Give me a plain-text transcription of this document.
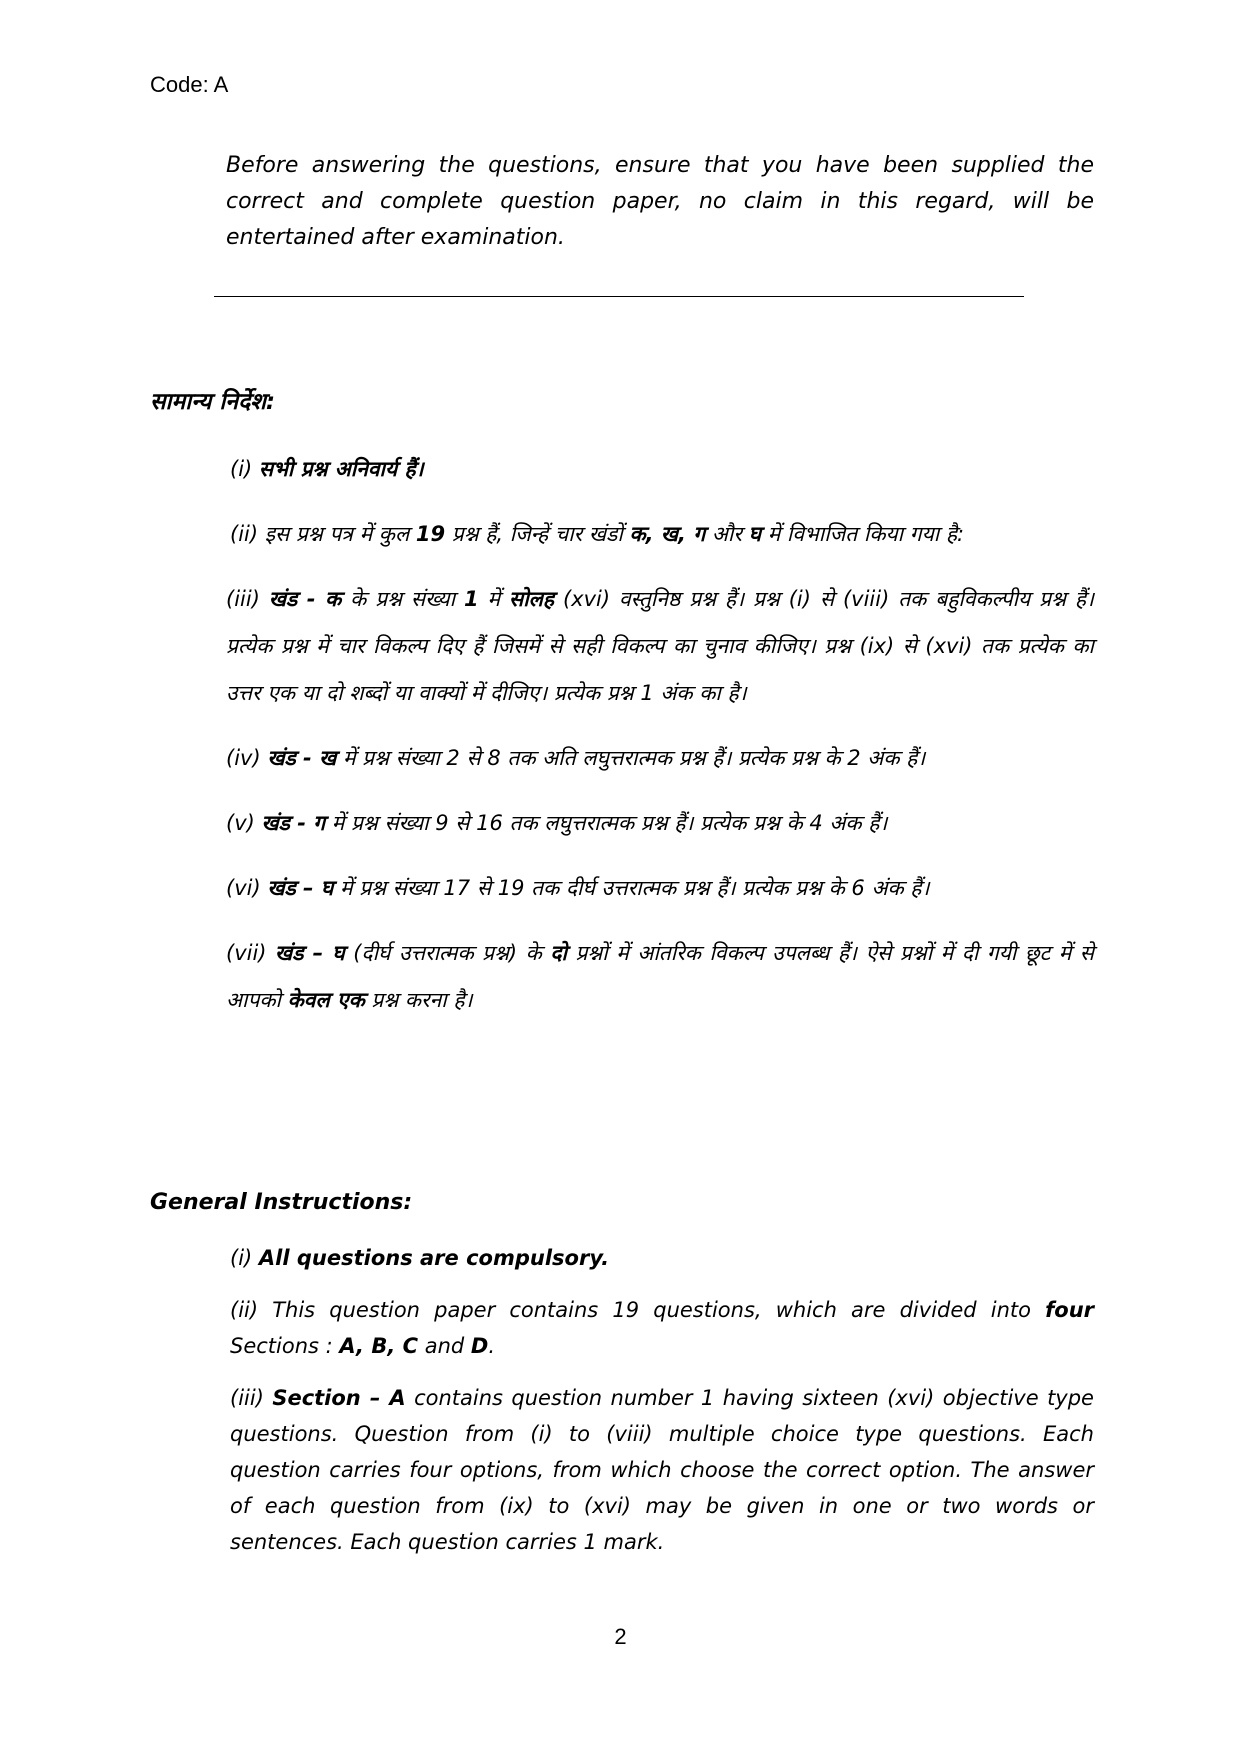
Code: A

Before answering the questions, ensure that you have been supplied the correct and complete question paper, no claim in this regard, will be entertained after examination.

सामान्य निर्देश:

(i) सभी प्रश्न अनिवार्य हैं।

(ii) इस प्रश्न पत्र में कुल 19 प्रश्न हैं, जिन्हें चार खंडों क, ख, ग और घ में विभाजित किया गया है:

(iii) खंड - क के प्रश्न संख्या 1 में सोलह (xvi) वस्तुनिष्ठ प्रश्न हैं। प्रश्न (i) से (viii) तक बहुविकल्पीय प्रश्न हैं। प्रत्येक प्रश्न में चार विकल्प दिए हैं जिसमें से सही विकल्प का चुनाव कीजिए। प्रश्न (ix) से (xvi) तक प्रत्येक का उत्तर एक या दो शब्दों या वाक्यों में दीजिए। प्रत्येक प्रश्न 1 अंक का है।

(iv) खंड - ख में प्रश्न संख्या 2 से 8 तक अति लघुत्तरात्मक प्रश्न हैं। प्रत्येक प्रश्न के 2 अंक हैं।

(v) खंड - ग में प्रश्न संख्या 9 से 16 तक लघुत्तरात्मक प्रश्न हैं। प्रत्येक प्रश्न के 4 अंक हैं।

(vi) खंड – घ में प्रश्न संख्या 17 से 19 तक दीर्घ उत्तरात्मक प्रश्न हैं। प्रत्येक प्रश्न के 6 अंक हैं।

(vii) खंड – घ (दीर्घ उत्तरात्मक प्रश्न) के दो प्रश्नों में आंतरिक विकल्प उपलब्ध हैं। ऐसे प्रश्नों में दी गयी छूट में से आपको केवल एक प्रश्न करना है।

General Instructions:

(i) All questions are compulsory.

(ii) This question paper contains 19 questions, which are divided into four Sections : A, B, C and D.

(iii) Section – A contains question number 1 having sixteen (xvi) objective type questions. Question from (i) to (viii) multiple choice type questions. Each question carries four options, from which choose the correct option. The answer of each question from (ix) to (xvi) may be given in one or two words or sentences. Each question carries 1 mark.

2
